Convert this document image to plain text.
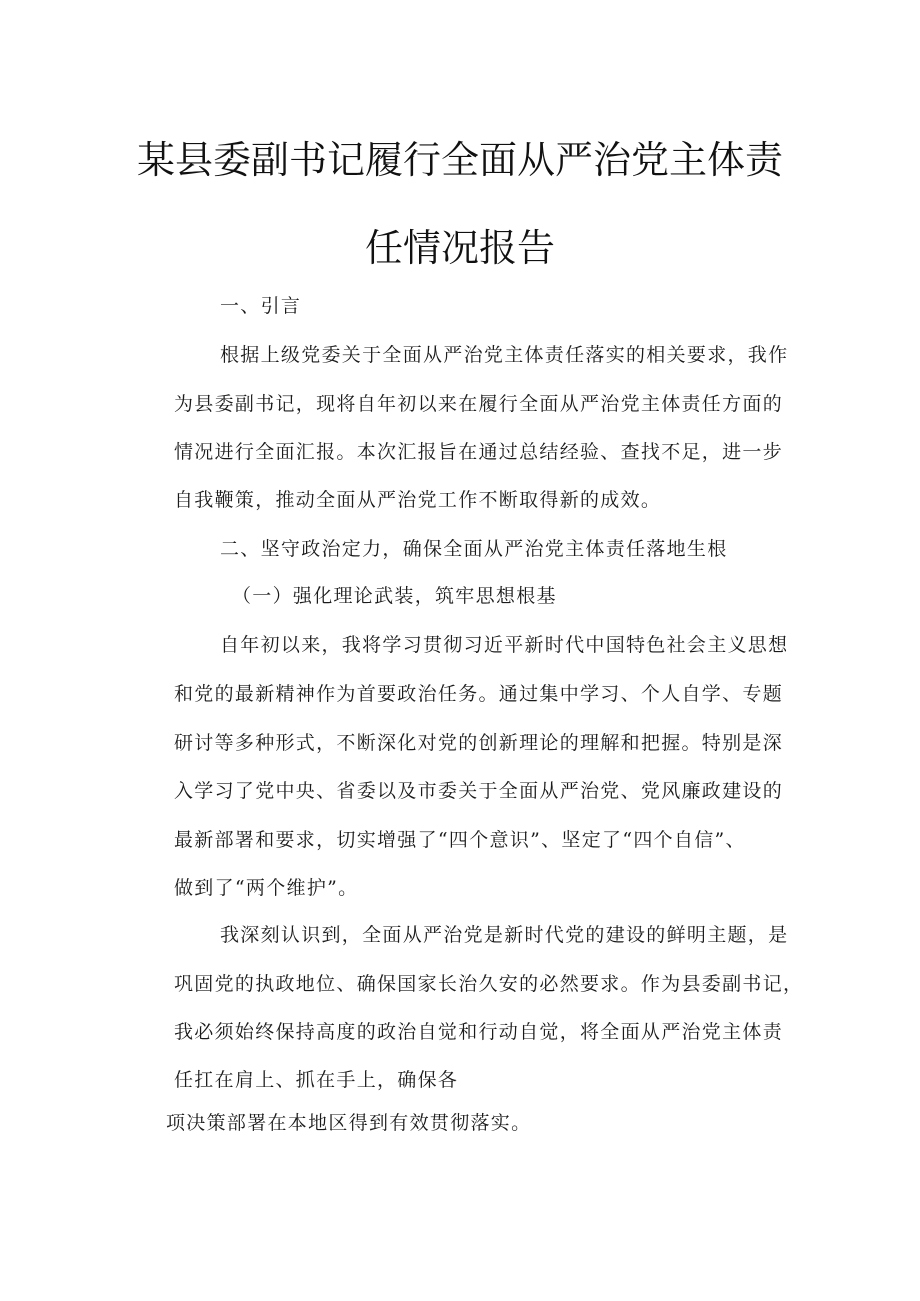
某县委副书记履行全面从严治党主体责
任情况报告
一、引言
根据上级党委关于全面从严治党主体责任落实的相关要求，我作
为县委副书记，现将自年初以来在履行全面从严治党主体责任方面的
情况进行全面汇报。本次汇报旨在通过总结经验、查找不足，进一步
自我鞭策，推动全面从严治党工作不断取得新的成效。
二、坚守政治定力，确保全面从严治党主体责任落地生根
（一）强化理论武装，筑牢思想根基
自年初以来，我将学习贯彻习近平新时代中国特色社会主义思想
和党的最新精神作为首要政治任务。通过集中学习、个人自学、专题
研讨等多种形式，不断深化对党的创新理论的理解和把握。特别是深
入学习了党中央、省委以及市委关于全面从严治党、党风廉政建设的
最新部署和要求，切实增强了“四个意识”、坚定了“四个自信”、
做到了“两个维护”。
我深刻认识到，全面从严治党是新时代党的建设的鲜明主题，是
巩固党的执政地位、确保国家长治久安的必然要求。作为县委副书记，
我必须始终保持高度的政治自觉和行动自觉，将全面从严治党主体责
任扛在肩上、抓在手上，确保各
项决策部署在本地区得到有效贯彻落实。
